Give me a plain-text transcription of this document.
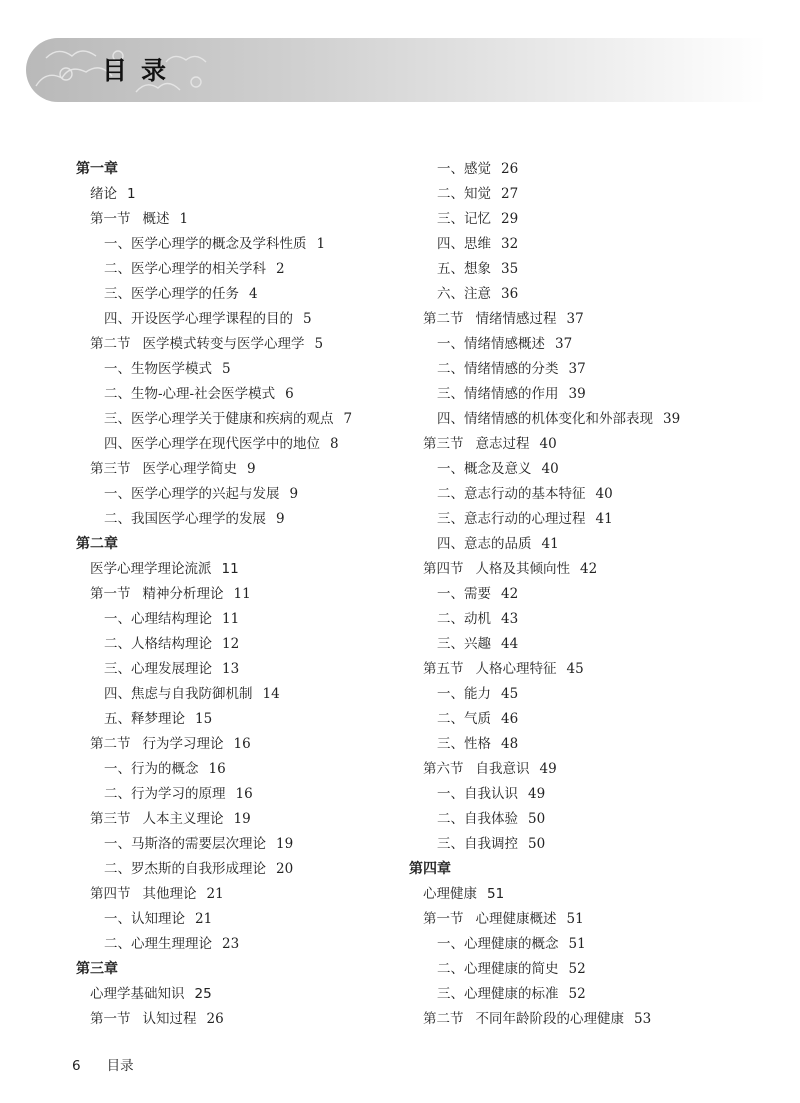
目录
第一章
绪论 1
第一节 概述 1
一、医学心理学的概念及学科性质 1
二、医学心理学的相关学科 2
三、医学心理学的任务 4
四、开设医学心理学课程的目的 5
第二节 医学模式转变与医学心理学 5
一、生物医学模式 5
二、生物-心理-社会医学模式 6
三、医学心理学关于健康和疾病的观点 7
四、医学心理学在现代医学中的地位 8
第三节 医学心理学简史 9
一、医学心理学的兴起与发展 9
二、我国医学心理学的发展 9
第二章
医学心理学理论流派 11
第一节 精神分析理论 11
一、心理结构理论 11
二、人格结构理论 12
三、心理发展理论 13
四、焦虑与自我防御机制 14
五、释梦理论 15
第二节 行为学习理论 16
一、行为的概念 16
二、行为学习的原理 16
第三节 人本主义理论 19
一、马斯洛的需要层次理论 19
二、罗杰斯的自我形成理论 20
第四节 其他理论 21
一、认知理论 21
二、心理生理理论 23
第三章
心理学基础知识 25
第一节 认知过程 26
一、感觉 26
二、知觉 27
三、记忆 29
四、思维 32
五、想象 35
六、注意 36
第二节 情绪情感过程 37
一、情绪情感概述 37
二、情绪情感的分类 37
三、情绪情感的作用 39
四、情绪情感的机体变化和外部表现 39
第三节 意志过程 40
一、概念及意义 40
二、意志行动的基本特征 40
三、意志行动的心理过程 41
四、意志的品质 41
第四节 人格及其倾向性 42
一、需要 42
二、动机 43
三、兴趣 44
第五节 人格心理特征 45
一、能力 45
二、气质 46
三、性格 48
第六节 自我意识 49
一、自我认识 49
二、自我体验 50
三、自我调控 50
第四章
心理健康 51
第一节 心理健康概述 51
一、心理健康的概念 51
二、心理健康的简史 52
三、心理健康的标准 52
第二节 不同年龄阶段的心理健康 53
6 目录
